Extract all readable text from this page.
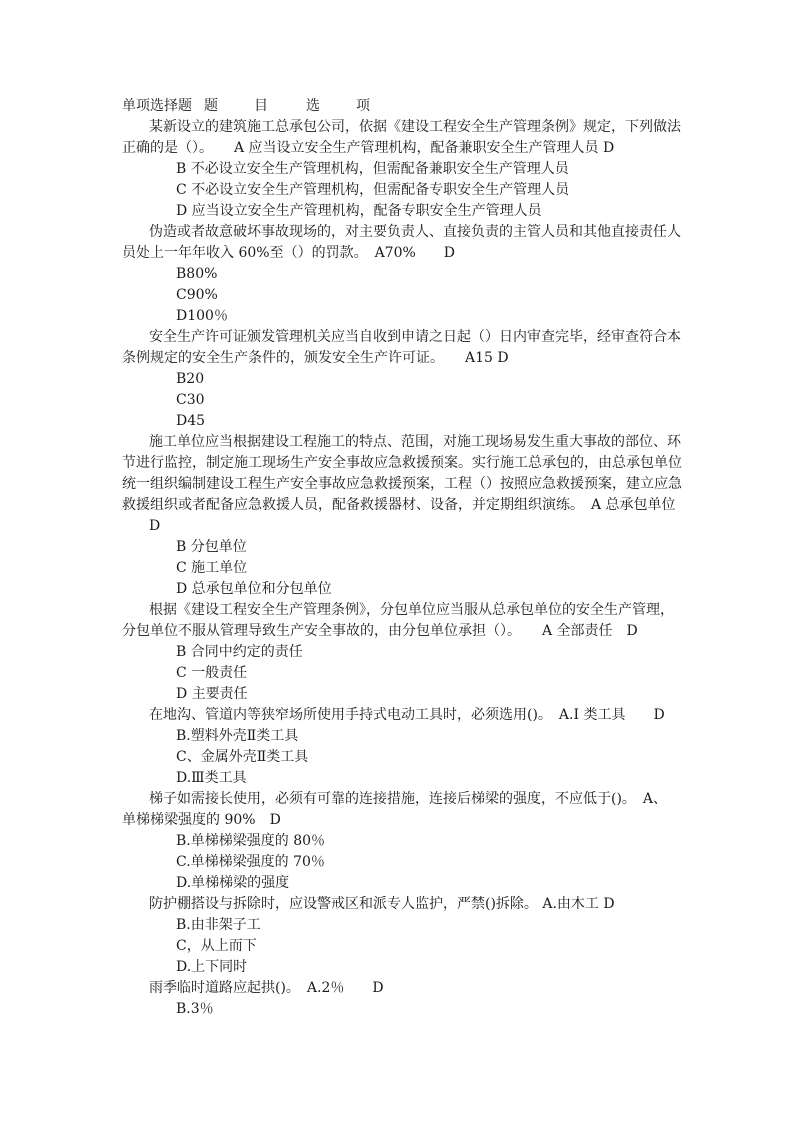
单项选择题 题	目	选	项
某新设立的建筑施工总承包公司，依据《建设工程安全生产管理条例》规定，下列做法
正确的是（）。　　A 应当设立安全生产管理机构，配备兼职安全生产管理人员 D
B 不必设立安全生产管理机构，但需配备兼职安全生产管理人员
C 不必设立安全生产管理机构，但需配备专职安全生产管理人员
D 应当设立安全生产管理机构，配备专职安全生产管理人员
伪造或者故意破坏事故现场的，对主要负责人、直接负责的主管人员和其他直接责任人
员处上一年年收入 60%至（）的罚款。　A70%　　D
B80%
C90%
D100％
安全生产许可证颁发管理机关应当自收到申请之日起（）日内审查完毕，经审查符合本
条例规定的安全生产条件的，颁发安全生产许可证。　　A15 D
B20
C30
D45
施工单位应当根据建设工程施工的特点、范围，对施工现场易发生重大事故的部位、环
节进行监控，制定施工现场生产安全事故应急救援预案。实行施工总承包的，由总承包单位
统一组织编制建设工程生产安全事故应急救援预案，工程（）按照应急救援预案，建立应急
救援组织或者配备应急救援人员，配备救援器材、设备，并定期组织演练。　A 总承包单位
D
B 分包单位
C 施工单位
D 总承包单位和分包单位
根据《建设工程安全生产管理条例》，分包单位应当服从总承包单位的安全生产管理，
分包单位不服从管理导致生产安全事故的，由分包单位承担（）。　　A 全部责任　D
B 合同中约定的责任
C 一般责任
D 主要责任
在地沟、管道内等狭窄场所使用手持式电动工具时，必须选用()。　A.I 类工具　　D
B.塑料外壳Ⅱ类工具
C、金属外壳Ⅱ类工具
D.Ⅲ类工具
梯子如需接长使用，必须有可靠的连接措施，连接后梯梁的强度，不应低于()。　A、
单梯梯梁强度的 90%　D
B.单梯梯梁强度的 80％
C.单梯梯梁强度的 70％
D.单梯梯梁的强度
防护棚搭设与拆除时，应设警戒区和派专人监护，严禁()拆除。 A.由木工 D
B.由非架子工
C，从上而下
D.上下同时
雨季临时道路应起拱()。　A.2％　　D
B.3％
